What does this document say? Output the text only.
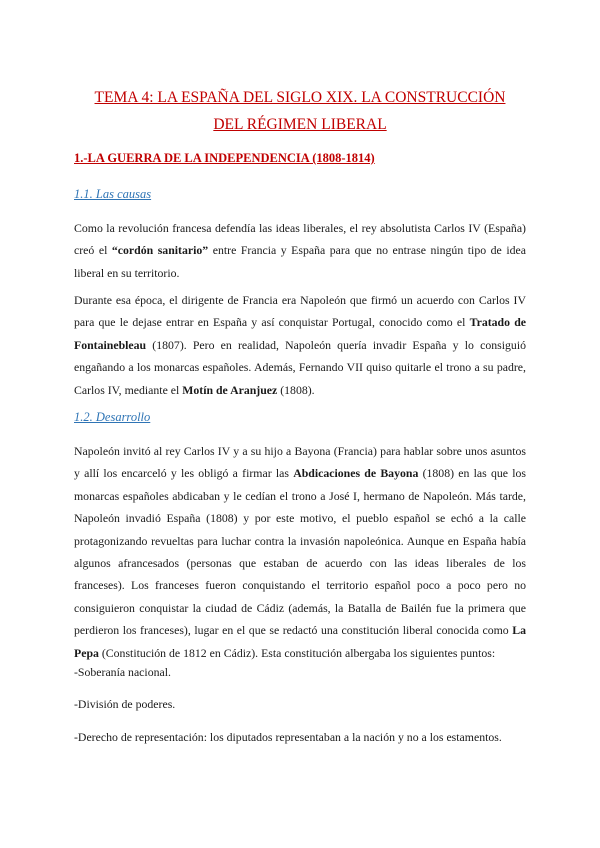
TEMA 4: LA ESPAÑA DEL SIGLO XIX. LA CONSTRUCCIÓN
DEL RÉGIMEN LIBERAL
1.-LA GUERRA DE LA INDEPENDENCIA (1808-1814)
1.1. Las causas

Como la revolución francesa defendía las ideas liberales, el rey absolutista Carlos IV (España) creó el “cordón sanitario” entre Francia y España para que no entrase ningún tipo de idea liberal en su territorio.

Durante esa época, el dirigente de Francia era Napoleón que firmó un acuerdo con Carlos IV para que le dejase entrar en España y así conquistar Portugal, conocido como el Tratado de Fontainebleau (1807). Pero en realidad, Napoleón quería invadir España y lo consiguió engañando a los monarcas españoles. Además, Fernando VII quiso quitarle el trono a su padre, Carlos IV, mediante el Motín de Aranjuez (1808).

1.2. Desarrollo

Napoleón invitó al rey Carlos IV y a su hijo a Bayona (Francia) para hablar sobre unos asuntos y allí los encarceló y les obligó a firmar las Abdicaciones de Bayona (1808) en las que los monarcas españoles abdicaban y le cedían el trono a José I, hermano de Napoleón. Más tarde, Napoleón invadió España (1808) y por este motivo, el pueblo español se echó a la calle protagonizando revueltas para luchar contra la invasión napoleónica. Aunque en España había algunos afrancesados (personas que estaban de acuerdo con las ideas liberales de los franceses). Los franceses fueron conquistando el territorio español poco a poco pero no consiguieron conquistar la ciudad de Cádiz (además, la Batalla de Bailén fue la primera que perdieron los franceses), lugar en el que se redactó una constitución liberal conocida como La Pepa (Constitución de 1812 en Cádiz). Esta constitución albergaba los siguientes puntos:

-Soberanía nacional.

-División de poderes.

-Derecho de representación: los diputados representaban a la nación y no a los estamentos.
